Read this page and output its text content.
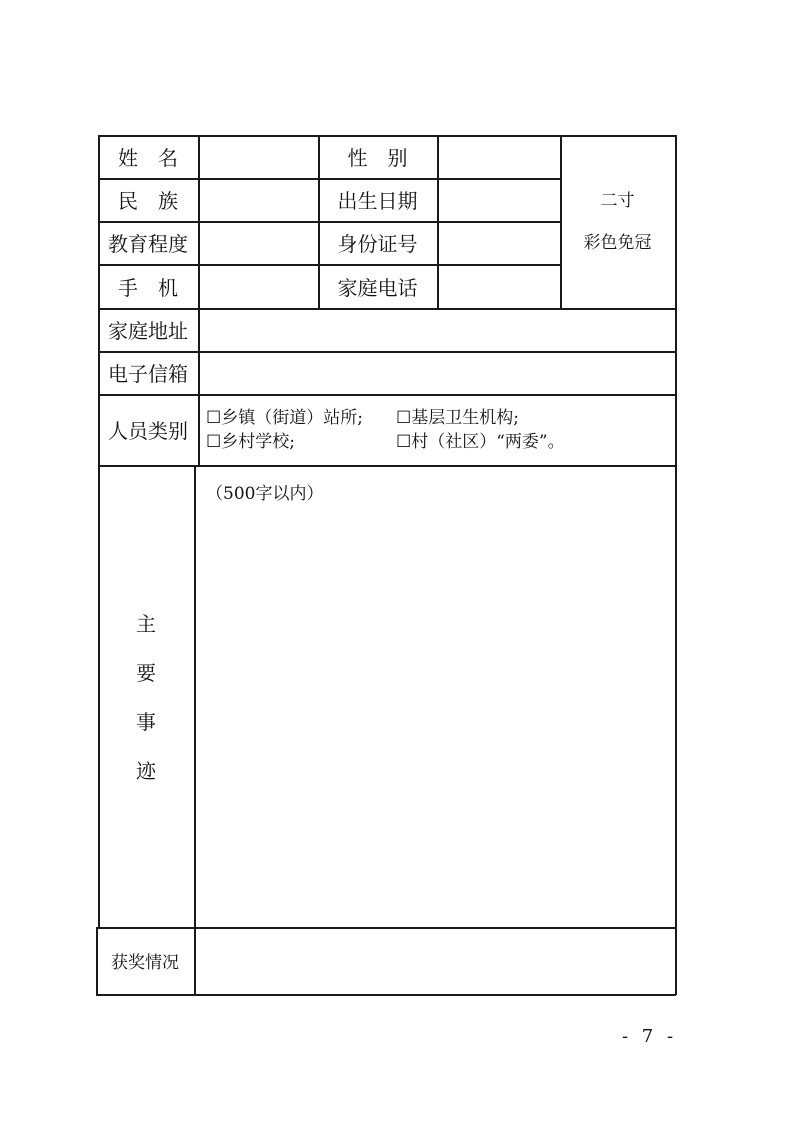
姓　名	性　别
民　族	出生日期
教育程度	身份证号
手　机	家庭电话
二寸
彩色免冠
家庭地址
电子信箱
人员类别
☐乡镇（街道）站所;	☐基层卫生机构;
☐乡村学校;	☐村（社区）“两委”。
主
要
事
迹
（500字以内）
获奖情况
- 7 -
